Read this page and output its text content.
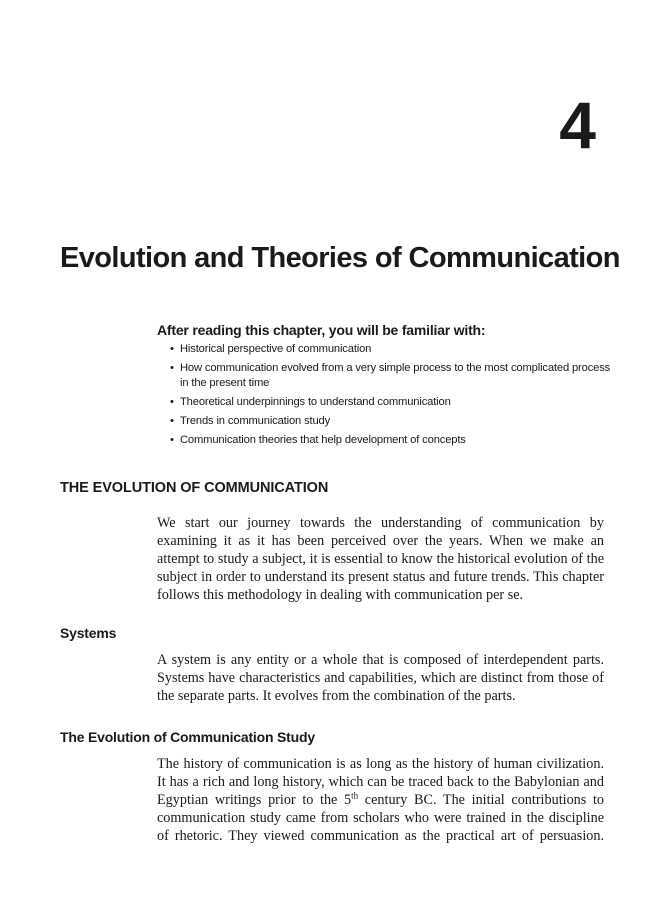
4
Evolution and Theories of Communication

After reading this chapter, you will be familiar with:

• Historical perspective of communication
• How communication evolved from a very simple process to the most complicated process in the present time
• Theoretical underpinnings to understand communication
• Trends in communication study
• Communication theories that help development of concepts
THE EVOLUTION OF COMMUNICATION

We start our journey towards the understanding of communication by examining it as it has been perceived over the years. When we make an attempt to study a subject, it is essential to know the historical evolution of the subject in order to understand its present status and future trends. This chapter follows this methodology in dealing with communication per se.

Systems

A system is any entity or a whole that is composed of interdependent parts. Systems have characteristics and capabilities, which are distinct from those of the separate parts. It evolves from the combination of the parts.

The Evolution of Communication Study

The history of communication is as long as the history of human civilization. It has a rich and long history, which can be traced back to the Babylonian and Egyptian writings prior to the 5th century BC. The initial contributions to communication study came from scholars who were trained in the discipline of rhetoric. They viewed communication as the practical art of persuasion.
